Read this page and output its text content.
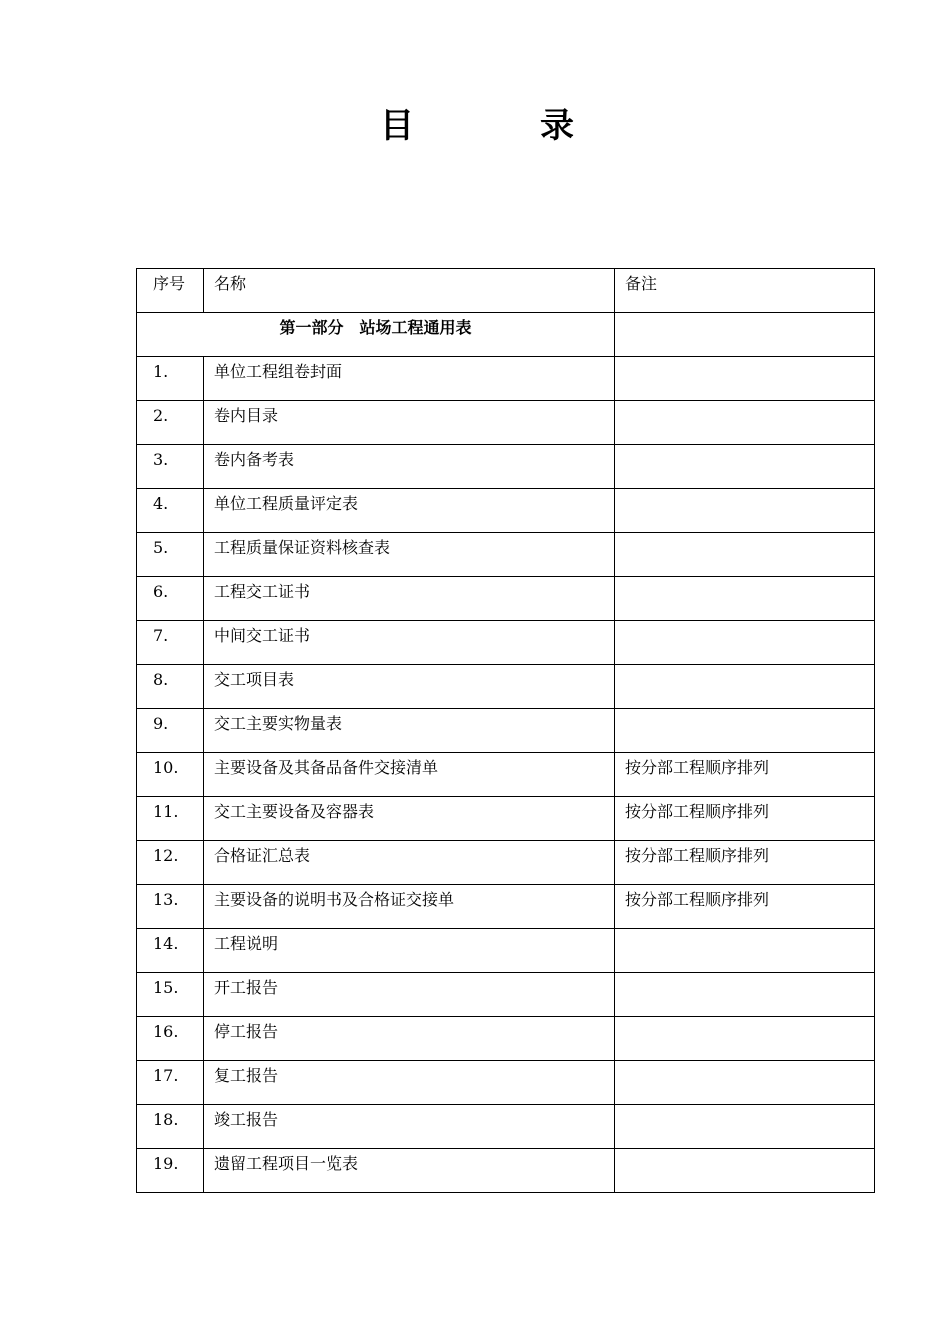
目　录
序号	名称	备注

第一部分　站场工程通用表		

1.	单位工程组卷封面	

2.	卷内目录	

3.	卷内备考表	

4.	单位工程质量评定表	

5.	工程质量保证资料核查表	

6.	工程交工证书	

7.	中间交工证书	

8.	交工项目表	

9.	交工主要实物量表	

10.	主要设备及其备品备件交接清单	按分部工程顺序排列

11.	交工主要设备及容器表	按分部工程顺序排列

12.	合格证汇总表	按分部工程顺序排列

13.	主要设备的说明书及合格证交接单	按分部工程顺序排列

14.	工程说明	

15.	开工报告	

16.	停工报告	

17.	复工报告	

18.	竣工报告	

19.	遗留工程项目一览表	
